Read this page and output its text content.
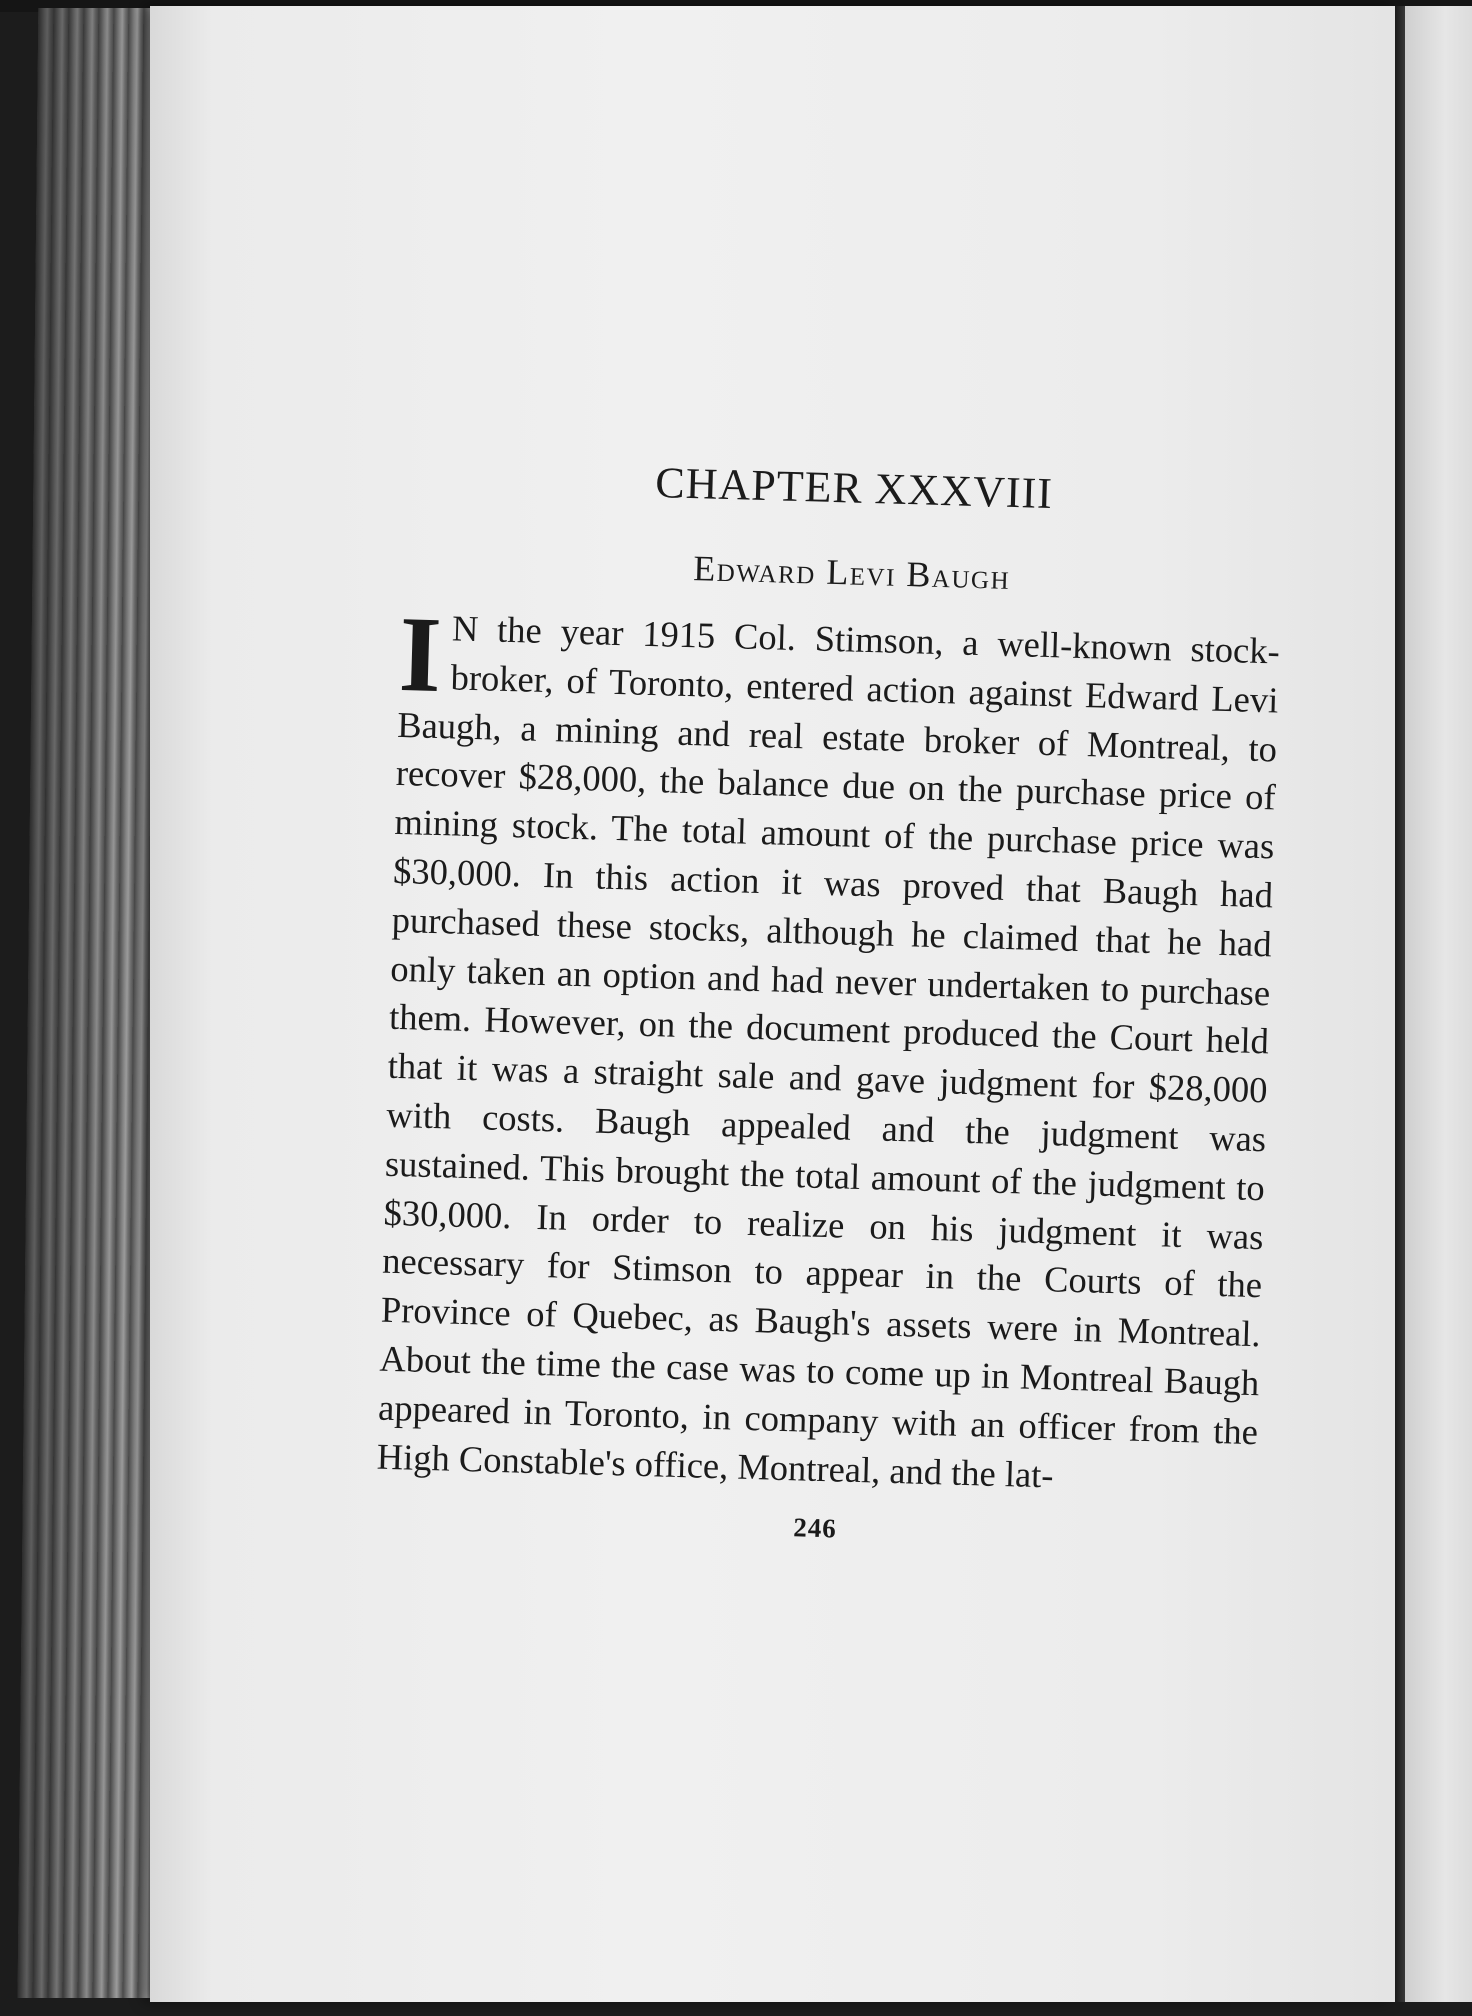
CHAPTER XXXVIII
Edward Levi Baugh

I N the year 1915 Col. Stimson, a well-known stock-broker, of Toronto, entered action against Edward Levi Baugh, a mining and real estate broker of Montreal, to recover $28,000, the balance due on the purchase price of mining stock. The total amount of the purchase price was $30,000. In this action it was proved that Baugh had purchased these stocks, although he claimed that he had only taken an option and had never undertaken to purchase them. However, on the document produced the Court held that it was a straight sale and gave judgment for $28,000 with costs. Baugh appealed and the judgment was sustained. This brought the total amount of the judgment to $30,000. In order to realize on his judgment it was necessary for Stimson to appear in the Courts of the Province of Quebec, as Baugh's assets were in Montreal. About the time the case was to come up in Montreal Baugh appeared in Toronto, in company with an officer from the High Constable's office, Montreal, and the lat-

246
